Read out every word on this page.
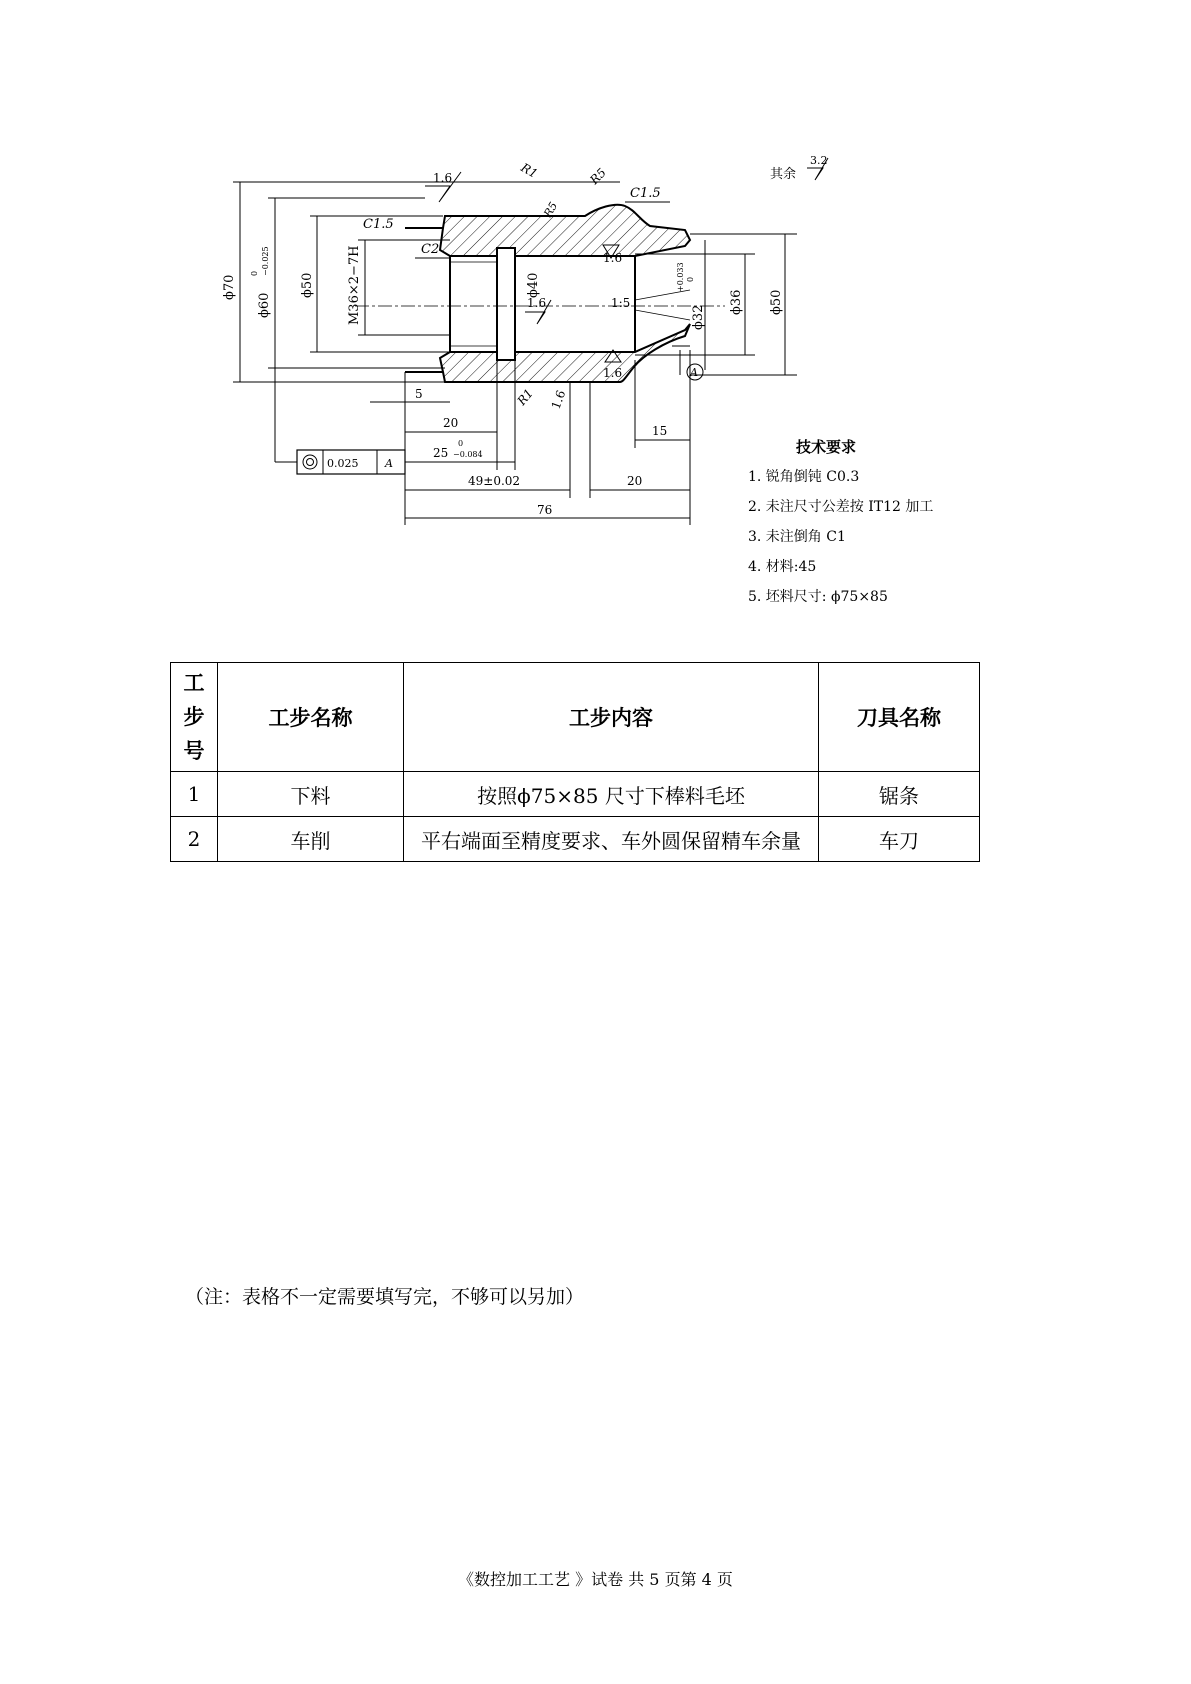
ϕ70
ϕ60
0 −0.025
ϕ50 M36×2−7H	ϕ40
ϕ32
+0.033 0
ϕ36 ϕ50
A
5
20
25
0
−0.084
49±0.02
76
20
15
0.025 A
1.6	R1	R5
R5
C1.5
C1.5
C2
1.6
1.6	1:5
1.6
R1 1.6
其余
3.2
技术要求
1. 锐角倒钝 C0.3
2. 未注尺寸公差按 IT12 加工
3. 未注倒角 C1
4. 材料:45
5. 坯料尺寸: ϕ75×85
工
步
号	工步名称	工步内容	刀具名称
1	下料	按照ϕ75×85 尺寸下棒料毛坯	锯条
2	车削	平右端面至精度要求、车外圆保留精车余量	车刀
（注：表格不一定需要填写完，不够可以另加）
《数控加工工艺 》试卷 共 5 页第 4 页
